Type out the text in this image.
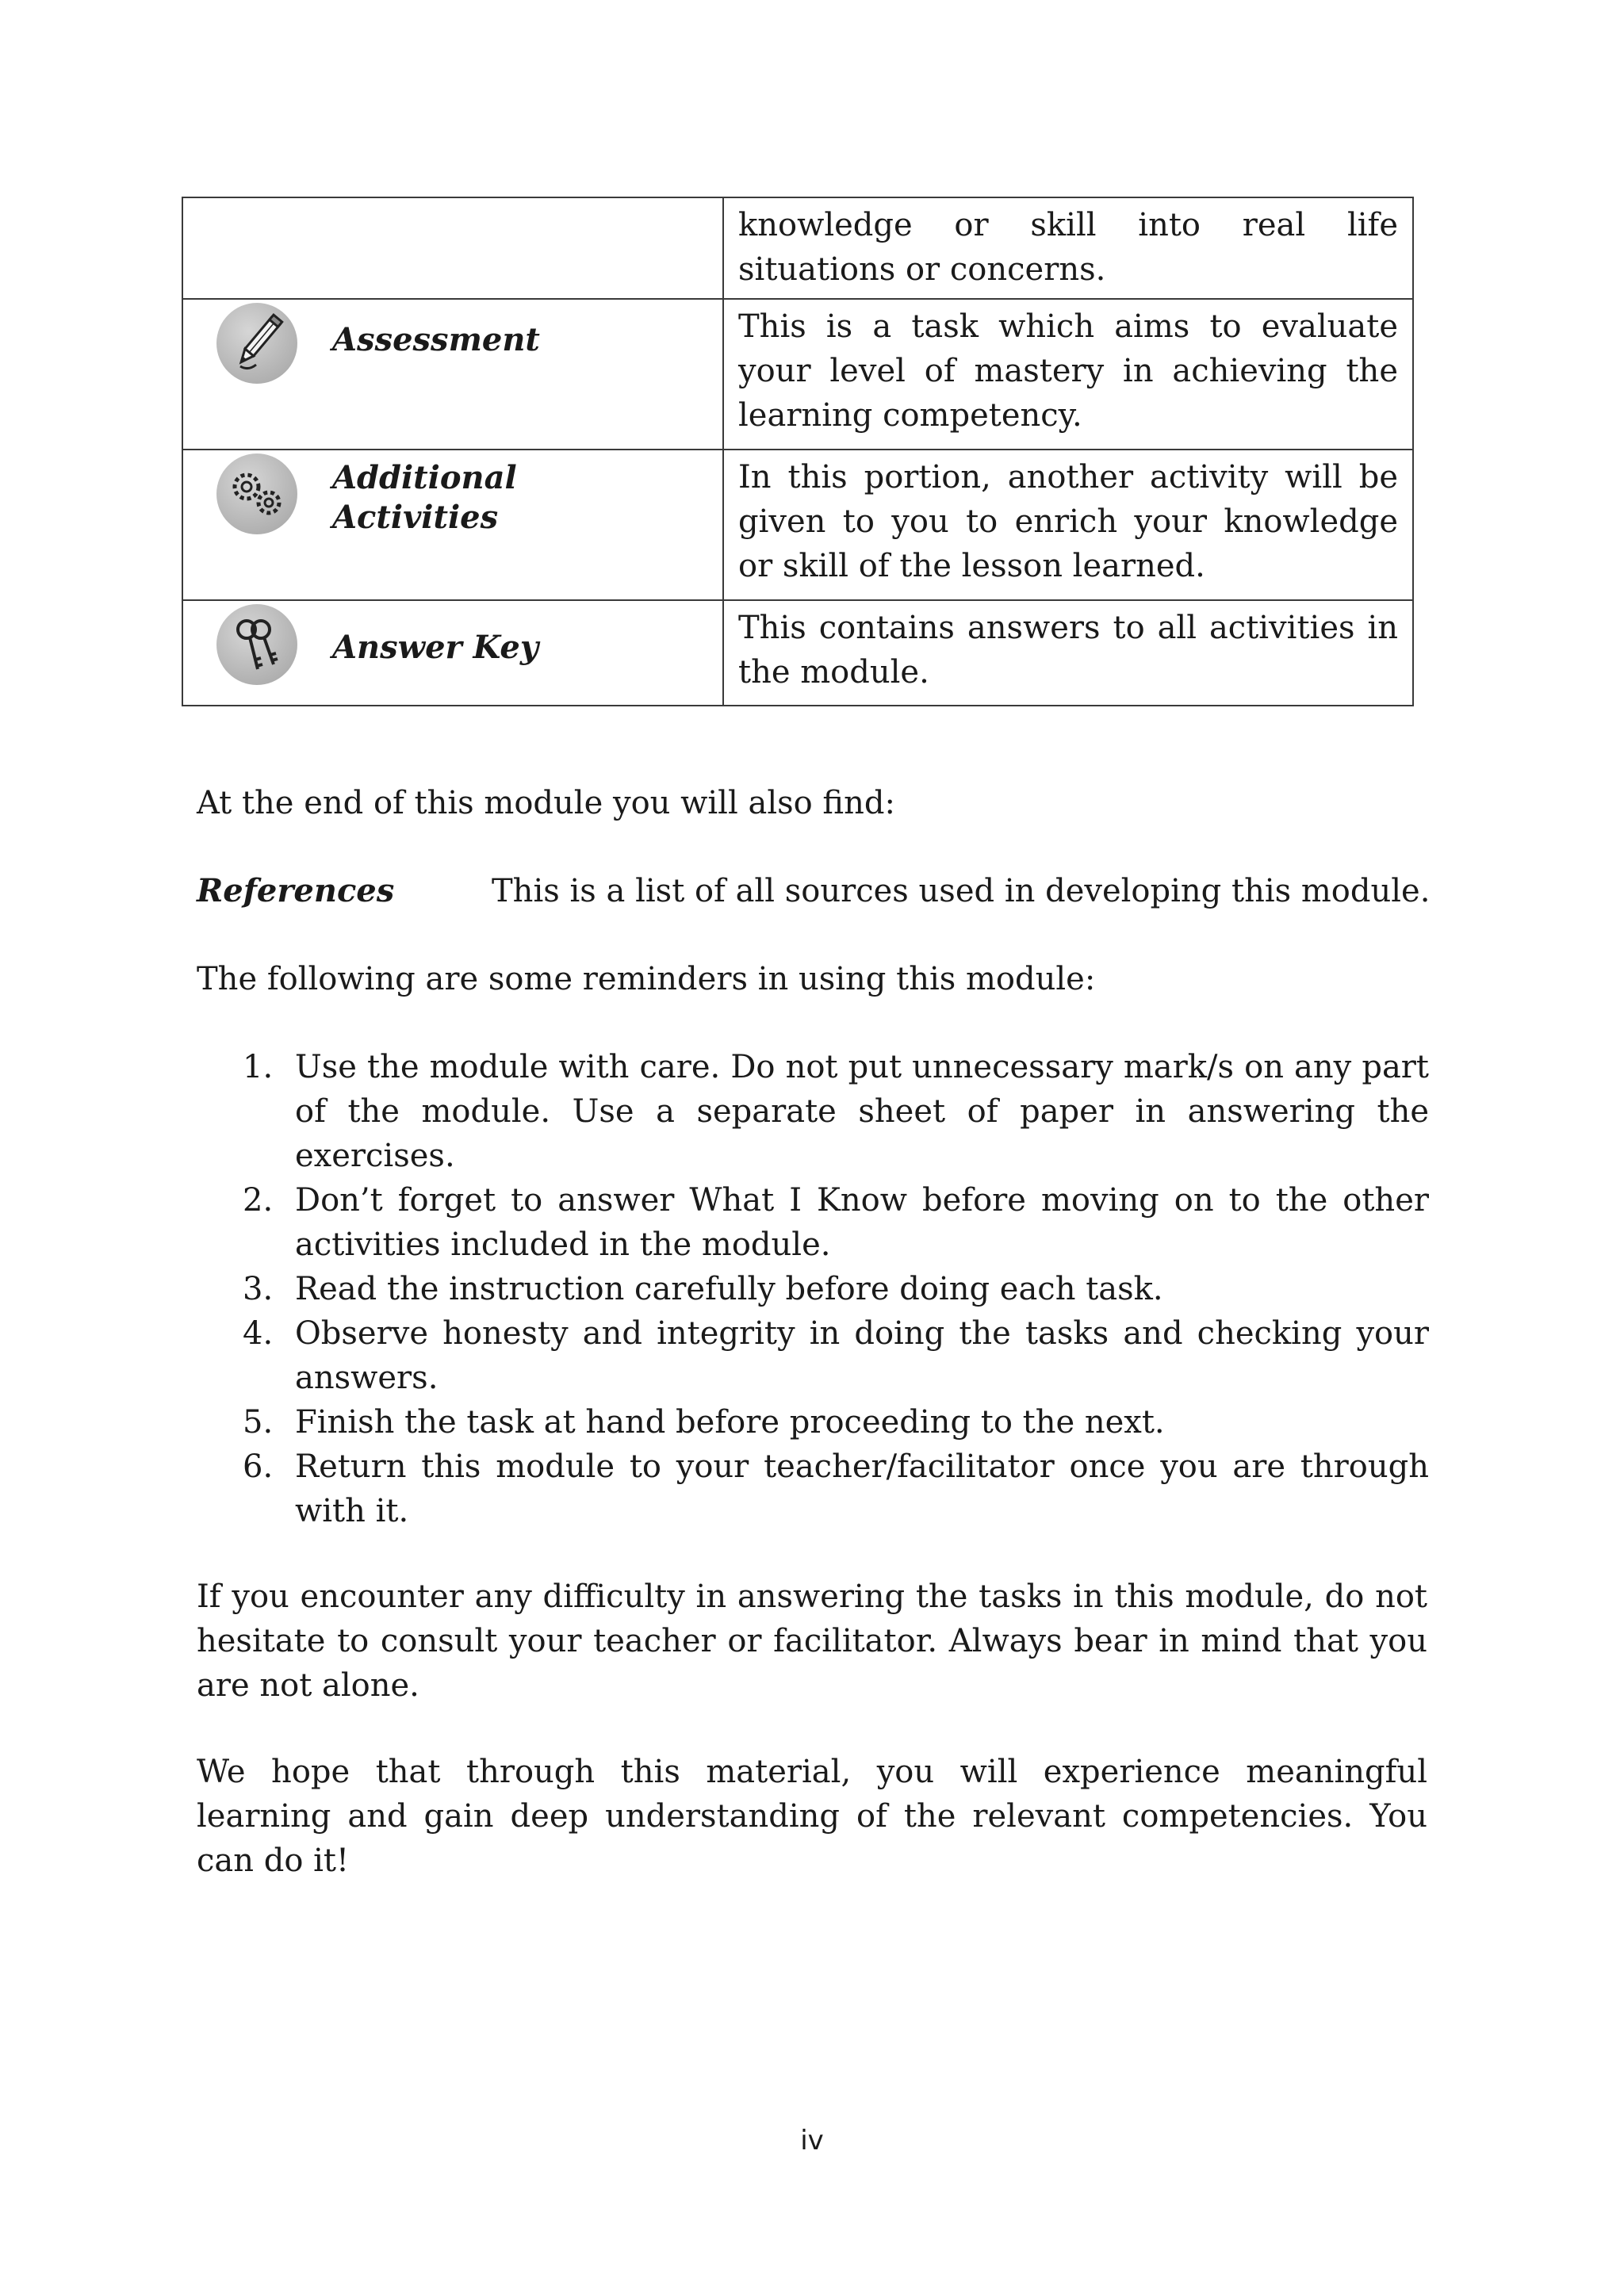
	knowledge or skill into real life situations or concerns.

Assessment	This is a task which aims to evaluate your level of mastery in achieving the learning competency.

Additional
Activities	In this portion, another activity will be given to you to enrich your knowledge or skill of the lesson learned.

Answer Key	This contains answers to all activities in the module.

At the end of this module you will also find:

References	This is a list of all sources used in developing this module.

The following are some reminders in using this module:

1. Use the module with care. Do not put unnecessary mark/s on any part of the module. Use a separate sheet of paper in answering the exercises.
2. Don’t forget to answer What I Know before moving on to the other activities included in the module.
3. Read the instruction carefully before doing each task.
4. Observe honesty and integrity in doing the tasks and checking your answers.
5. Finish the task at hand before proceeding to the next.
6. Return this module to your teacher/facilitator once you are through with it.

If you encounter any difficulty in answering the tasks in this module, do not hesitate to consult your teacher or facilitator. Always bear in mind that you are not alone.

We hope that through this material, you will experience meaningful learning and gain deep understanding of the relevant competencies. You can do it!

iv
